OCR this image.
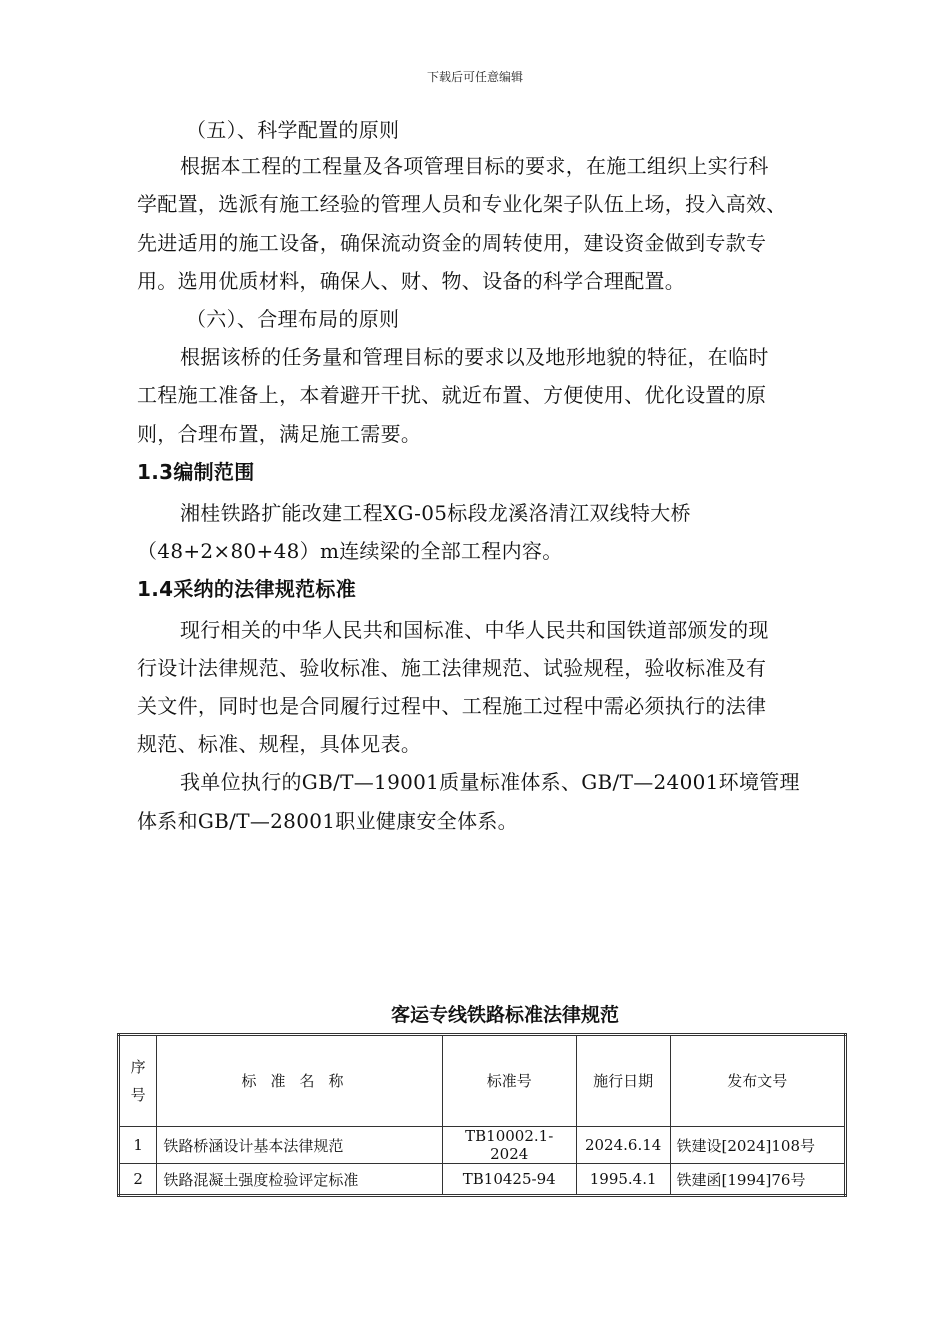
下载后可任意编辑
（五）、科学配置的原则
根据本工程的工程量及各项管理目标的要求，在施工组织上实行科
学配置，选派有施工经验的管理人员和专业化架子队伍上场，投入高效、
先进适用的施工设备，确保流动资金的周转使用，建设资金做到专款专
用。选用优质材料，确保人、财、物、设备的科学合理配置。
（六）、合理布局的原则
根据该桥的任务量和管理目标的要求以及地形地貌的特征，在临时
工程施工准备上，本着避开干扰、就近布置、方便使用、优化设置的原
则，合理布置，满足施工需要。
1.3编制范围
湘桂铁路扩能改建工程XG-05标段龙溪洛清江双线特大桥
（48+2×80+48）m连续梁的全部工程内容。
1.4采纳的法律规范标准
现行相关的中华人民共和国标准、中华人民共和国铁道部颁发的现
行设计法律规范、验收标准、施工法律规范、试验规程，验收标准及有
关文件，同时也是合同履行过程中、工程施工过程中需必须执行的法律
规范、标准、规程，具体见表。
我单位执行的GB/T—19001质量标准体系、GB/T—24001环境管理
体系和GB/T—28001职业健康安全体系。
客运专线铁路标准法律规范
序
号	标准名称	标准号	施行日期	发布文号
1	铁路桥涵设计基本法律规范	TB10002.1-2024	2024.6.14	铁建设[2024]108号
2	铁路混凝土强度检验评定标准	TB10425-94	1995.4.1	铁建函[1994]76号
